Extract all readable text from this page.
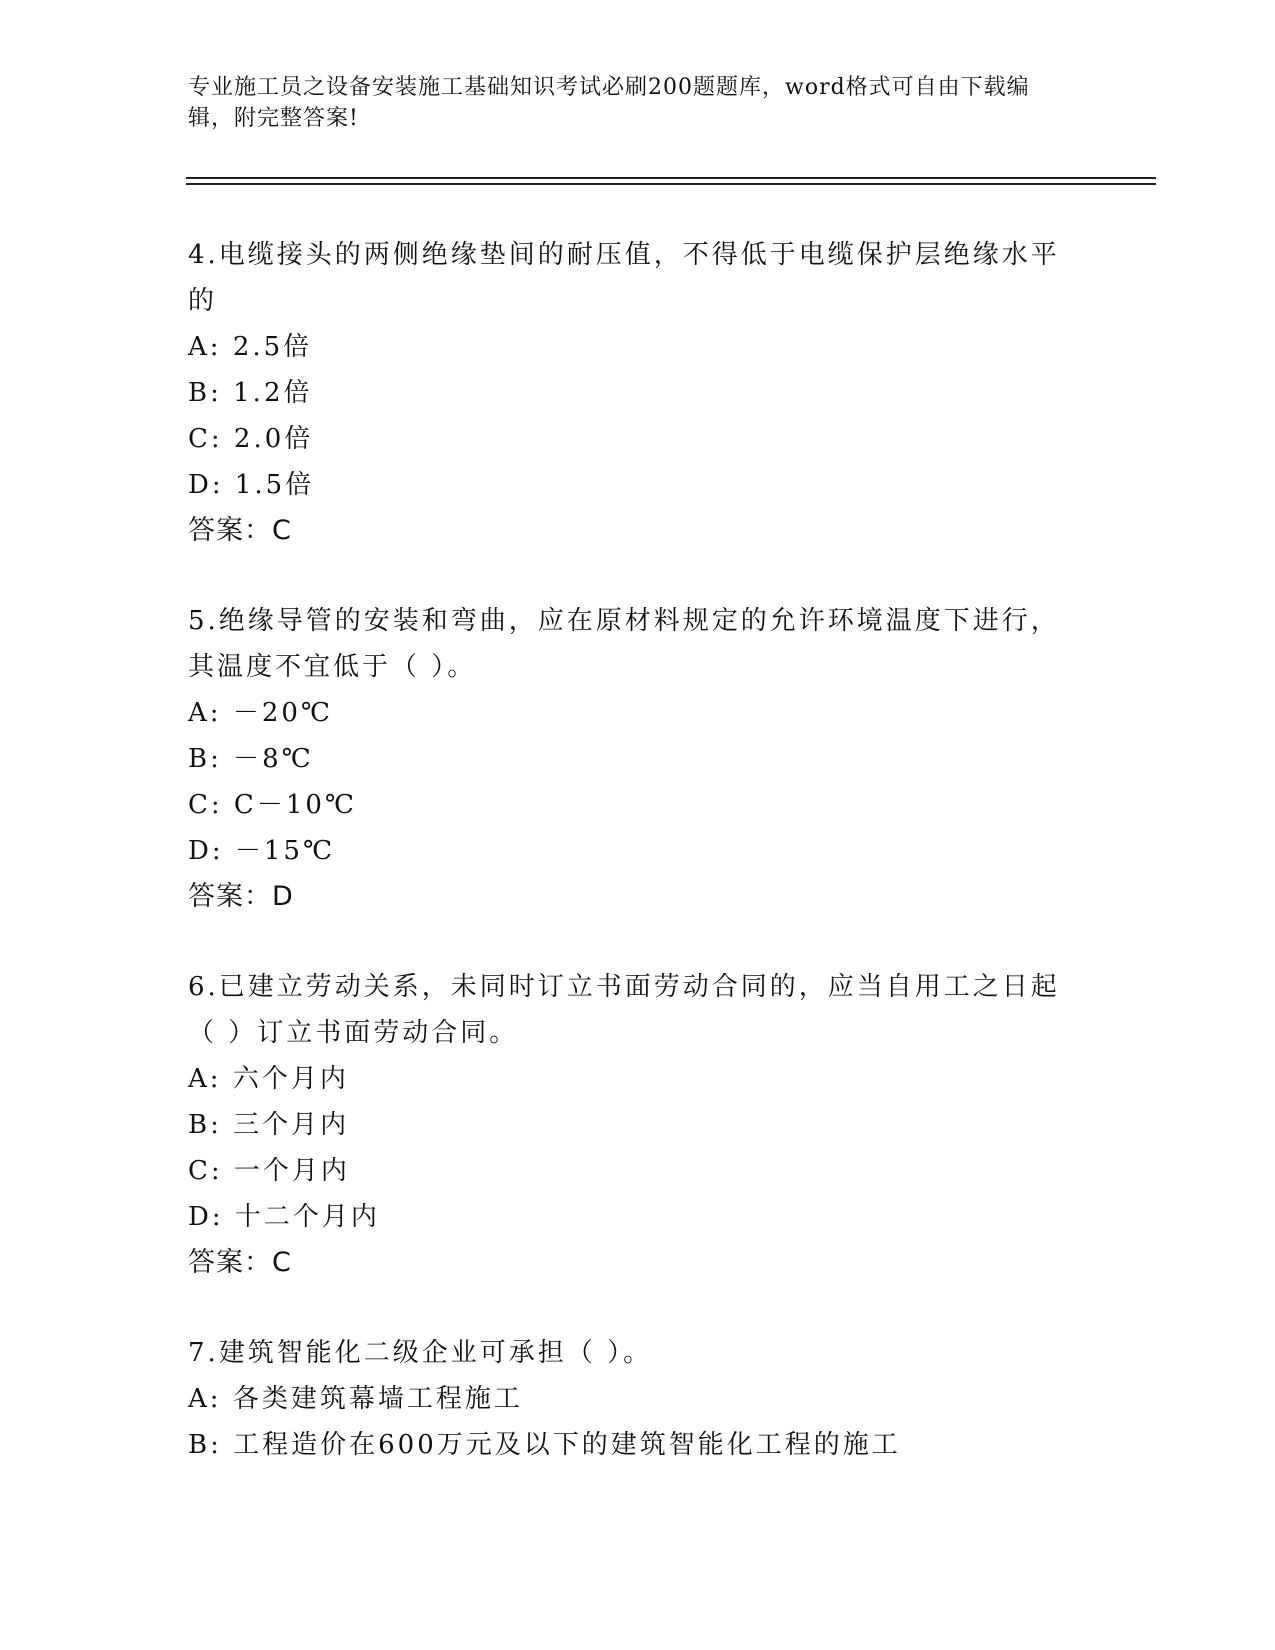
专业施工员之设备安装施工基础知识考试必刷200题题库，word格式可自由下载编辑，附完整答案!
4.电缆接头的两侧绝缘垫间的耐压值，不得低于电缆保护层绝缘水平的
A: 2.5倍
B: 1.2倍
C: 2.0倍
D: 1.5倍
答案：C
5.绝缘导管的安装和弯曲，应在原材料规定的允许环境温度下进行，其温度不宜低于（ ）。
A: －20℃
B: －8℃
C: C－10℃
D: －15℃
答案：D
6.已建立劳动关系，未同时订立书面劳动合同的，应当自用工之日起（ ）订立书面劳动合同。
A: 六个月内
B: 三个月内
C: 一个月内
D: 十二个月内
答案：C
7.建筑智能化二级企业可承担（ ）。
A: 各类建筑幕墙工程施工
B: 工程造价在600万元及以下的建筑智能化工程的施工
